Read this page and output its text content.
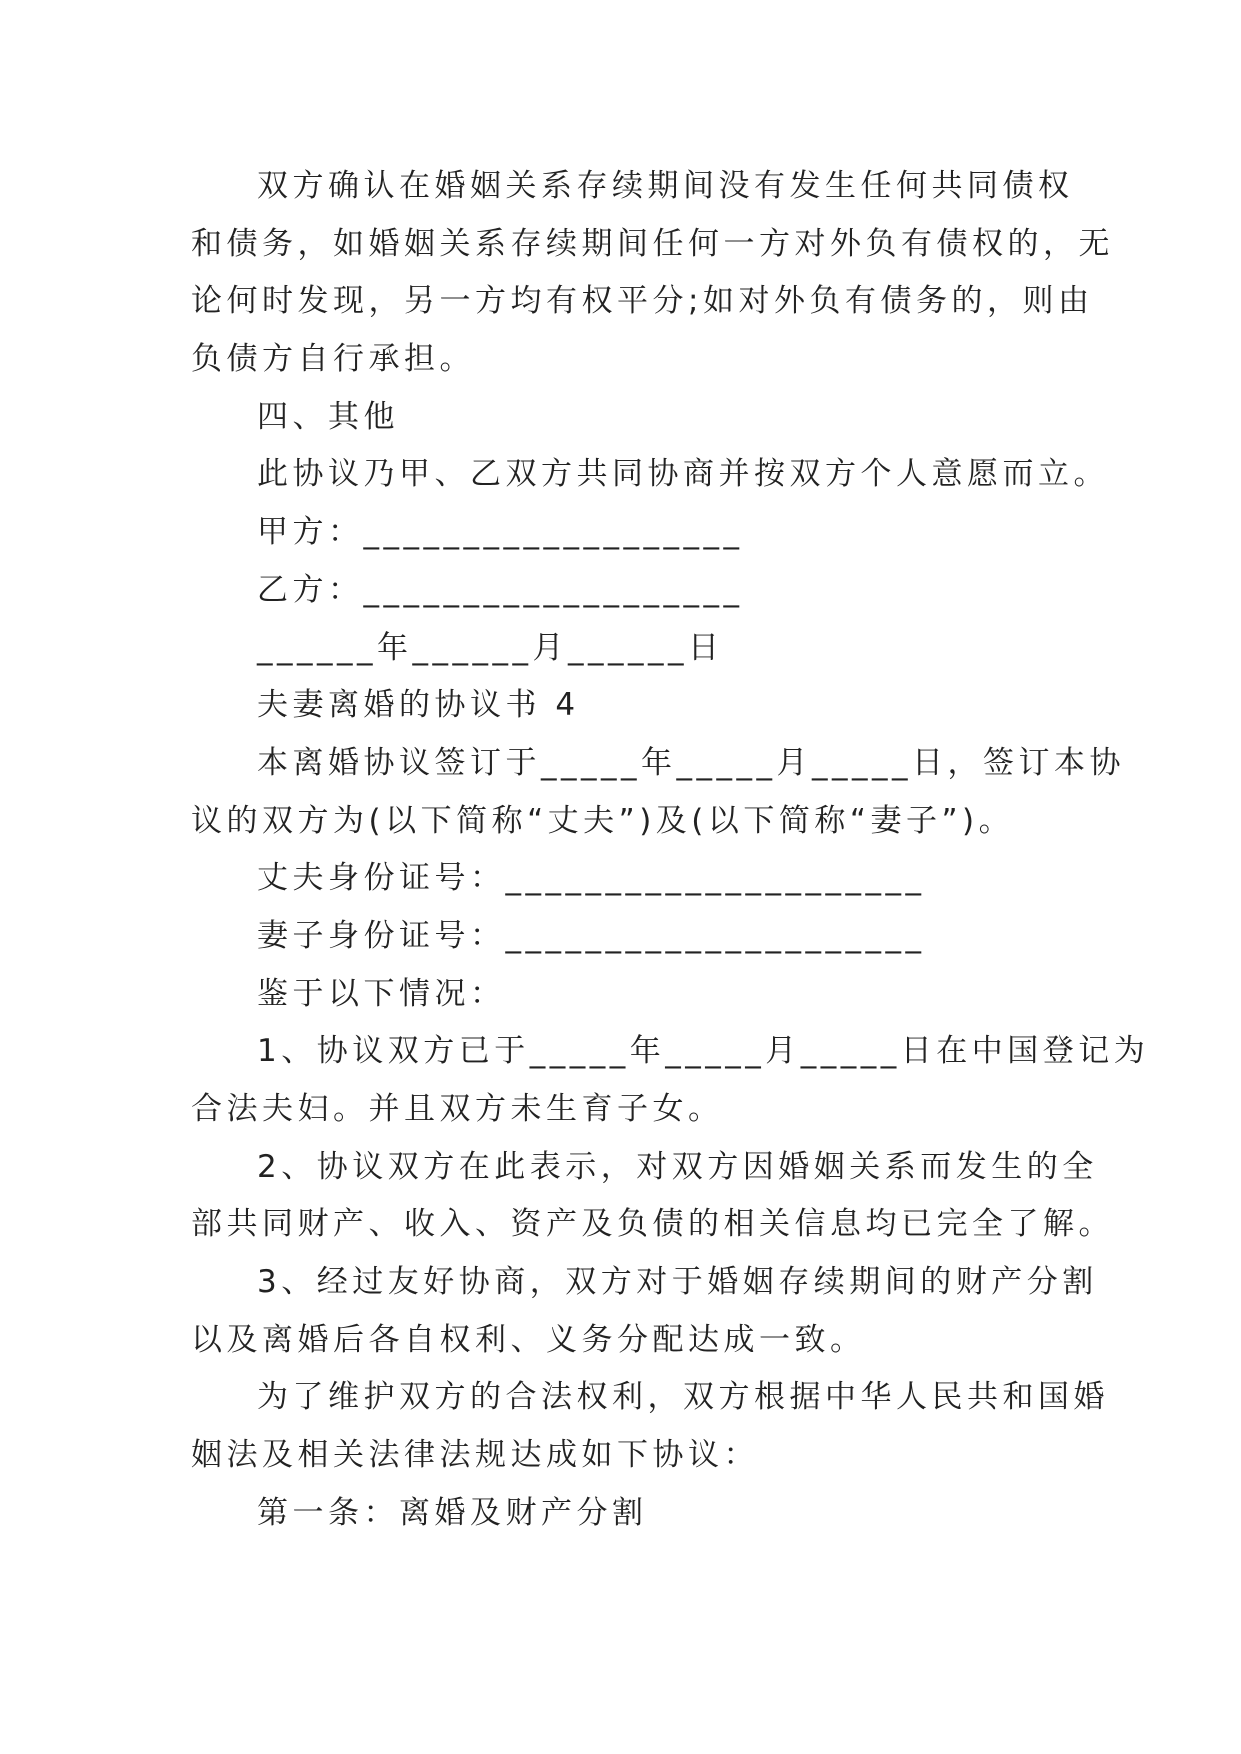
双方确认在婚姻关系存续期间没有发生任何共同债权
和债务，如婚姻关系存续期间任何一方对外负有债权的，无
论何时发现，另一方均有权平分;如对外负有债务的，则由
负债方自行承担。
四、其他
此协议乃甲、乙双方共同协商并按双方个人意愿而立。
甲方：___________________
乙方：___________________
______年______月______日
夫妻离婚的协议书 4
本离婚协议签订于_____年_____月_____日，签订本协
议的双方为(以下简称“丈夫”)及(以下简称“妻子”)。
丈夫身份证号：_____________________
妻子身份证号：_____________________
鉴于以下情况：
1、协议双方已于_____年_____月_____日在中国登记为
合法夫妇。并且双方未生育子女。
2、协议双方在此表示，对双方因婚姻关系而发生的全
部共同财产、收入、资产及负债的相关信息均已完全了解。
3、经过友好协商，双方对于婚姻存续期间的财产分割
以及离婚后各自权利、义务分配达成一致。
为了维护双方的合法权利，双方根据中华人民共和国婚
姻法及相关法律法规达成如下协议：
第一条：离婚及财产分割
